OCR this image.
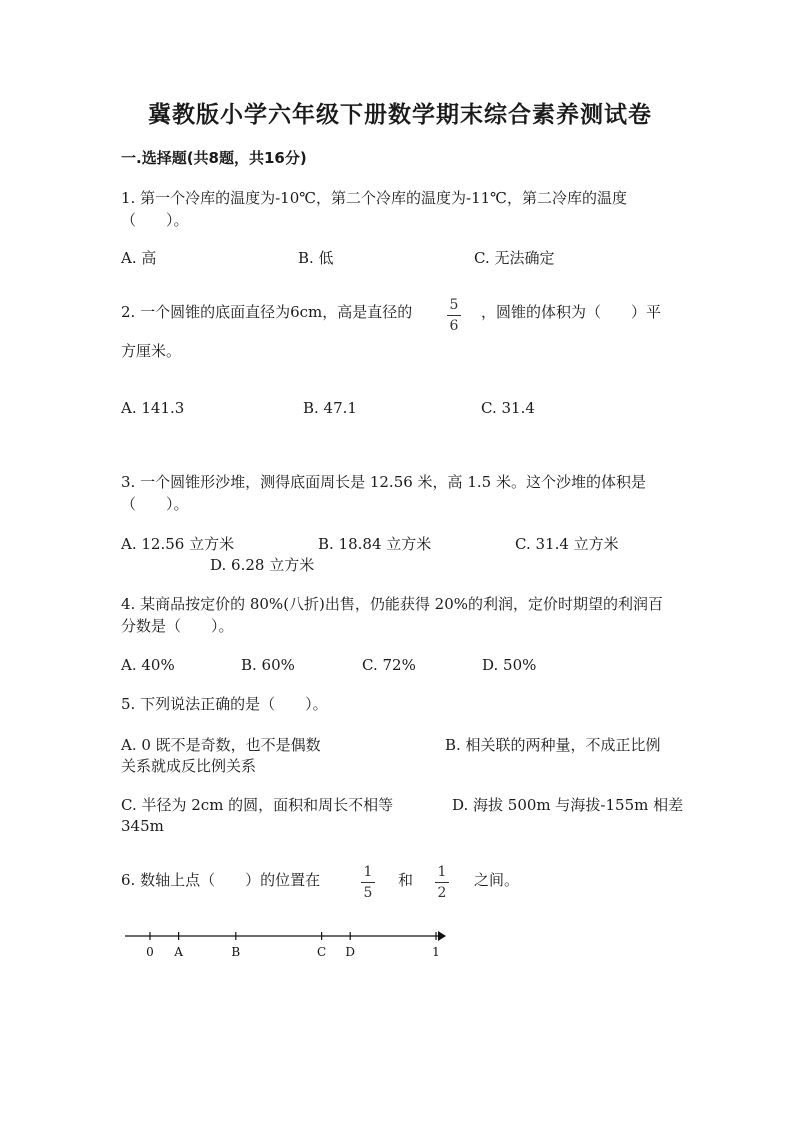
冀教版小学六年级下册数学期末综合素养测试卷
一.选择题(共8题，共16分)
1. 第一个冷库的温度为-10℃，第二个冷库的温度为-11℃，第二冷库的温度
（　　）。
A. 高	B. 低	C. 无法确定
2. 一个圆锥的底面直径为6cm，高是直径的	5
6
，圆锥的体积为（　　）平
方厘米。
A. 141.3	B. 47.1	C. 31.4
3. 一个圆锥形沙堆，测得底面周长是 12.56 米，高 1.5 米。这个沙堆的体积是
（　　）。
A. 12.56 立方米	B. 18.84 立方米	C. 31.4 立方米
D. 6.28 立方米
4. 某商品按定价的 80%(八折)出售，仍能获得 20%的利润，定价时期望的利润百
分数是（　　）。
A. 40%	B. 60%	C. 72%	D. 50%
5. 下列说法正确的是（　　）。
A. 0 既不是奇数，也不是偶数	B. 相关联的两种量，不成正比例
关系就成反比例关系
C. 半径为 2cm 的圆，面积和周长不相等	D. 海拔 500m 与海拔-155m 相差
345m
6. 数轴上点（　　）的位置在	1
5
和	1
2
之间。
0 A	B	C D	1
